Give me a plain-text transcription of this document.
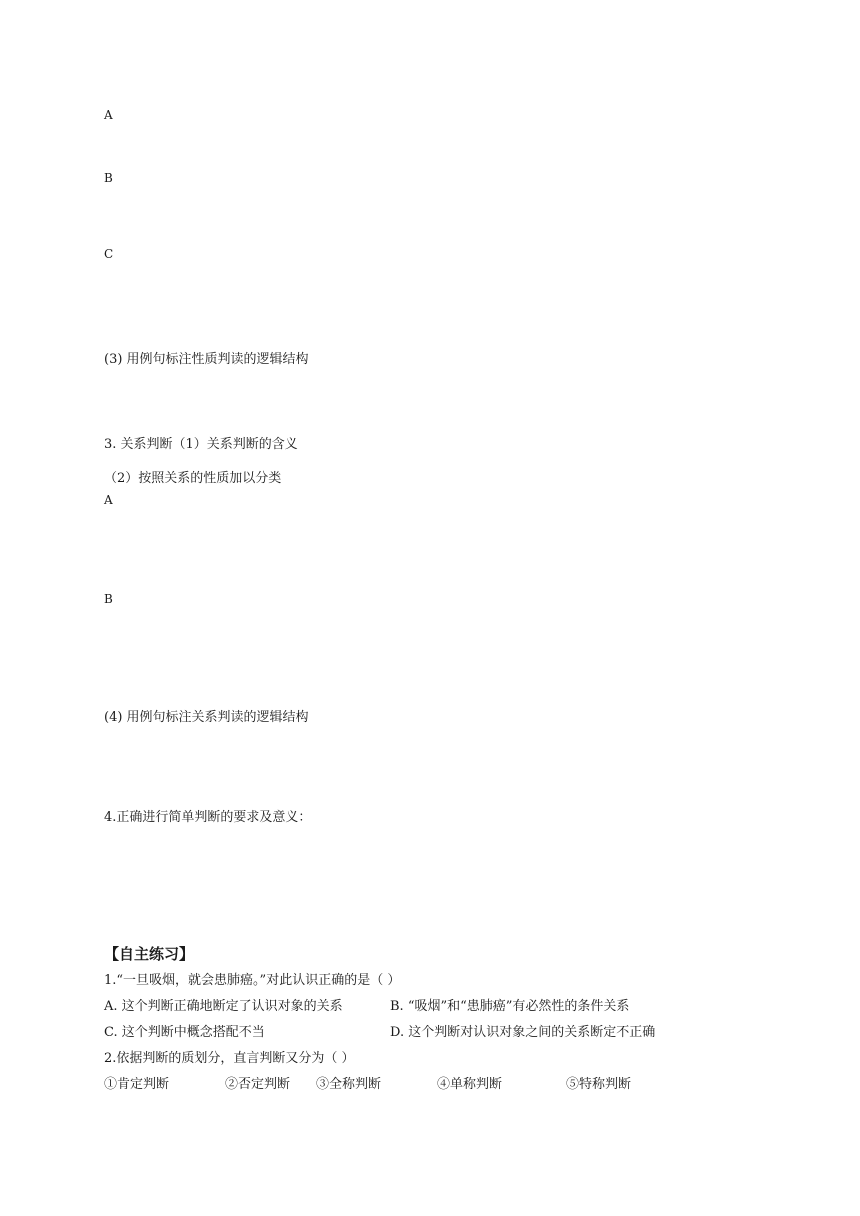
A
B
C
(3) 用例句标注性质判读的逻辑结构
3. 关系判断（1）关系判断的含义
（2）按照关系的性质加以分类
A
B
(4) 用例句标注关系判读的逻辑结构
4.正确进行简单判断的要求及意义：
【自主练习】
1.“一旦吸烟，就会患肺癌。”对此认识正确的是（ ）
A. 这个判断正确地断定了认识对象的关系	B. “吸烟”和“患肺癌”有必然性的条件关系
C. 这个判断中概念搭配不当	D. 这个判断对认识对象之间的关系断定不正确
2.依据判断的质划分，直言判断又分为（ ）
①肯定判断	②否定判断 ③全称判断	④单称判断	⑤特称判断
